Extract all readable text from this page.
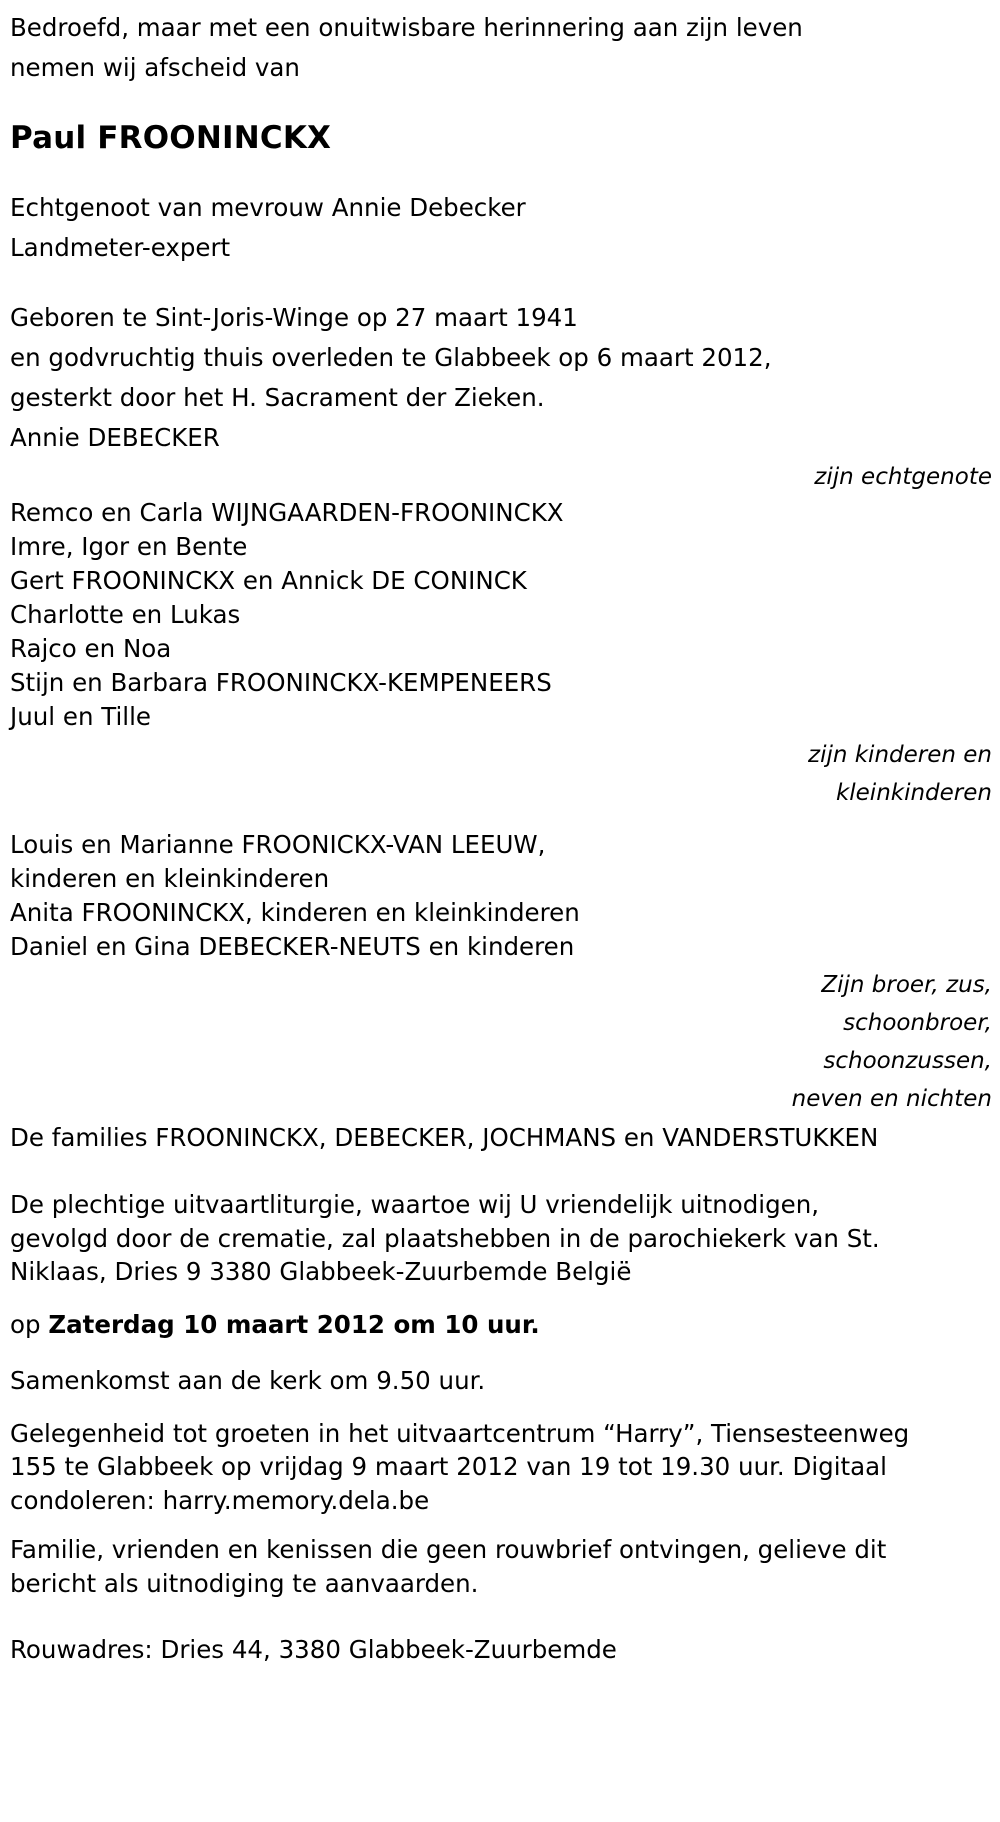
Bedroefd, maar met een onuitwisbare herinnering aan zijn leven
nemen wij afscheid van
Paul FROONINCKX
Echtgenoot van mevrouw Annie Debecker
Landmeter-expert
Geboren te Sint-Joris-Winge op 27 maart 1941
en godvruchtig thuis overleden te Glabbeek op 6 maart 2012,
gesterkt door het H. Sacrament der Zieken.
Annie DEBECKER
zijn echtgenote
Remco en Carla WIJNGAARDEN-FROONINCKX
Imre, Igor en Bente
Gert FROONINCKX en Annick DE CONINCK
Charlotte en Lukas
Rajco en Noa
Stijn en Barbara FROONINCKX-KEMPENEERS
Juul en Tille
zijn kinderen en
kleinkinderen
Louis en Marianne FROONICKX-VAN LEEUW,
kinderen en kleinkinderen
Anita FROONINCKX, kinderen en kleinkinderen
Daniel en Gina DEBECKER-NEUTS en kinderen
Zijn broer, zus,
schoonbroer,
schoonzussen,
neven en nichten
De families FROONINCKX, DEBECKER, JOCHMANS en VANDERSTUKKEN
De plechtige uitvaartliturgie, waartoe wij U vriendelijk uitnodigen,
gevolgd door de crematie, zal plaatshebben in de parochiekerk van St.
Niklaas, Dries 9 3380 Glabbeek-Zuurbemde België
op Zaterdag 10 maart 2012 om 10 uur.
Samenkomst aan de kerk om 9.50 uur.
Gelegenheid tot groeten in het uitvaartcentrum “Harry”, Tiensesteenweg
155 te Glabbeek op vrijdag 9 maart 2012 van 19 tot 19.30 uur. Digitaal
condoleren: harry.memory.dela.be
Familie, vrienden en kenissen die geen rouwbrief ontvingen, gelieve dit
bericht als uitnodiging te aanvaarden.
Rouwadres: Dries 44, 3380 Glabbeek-Zuurbemde
